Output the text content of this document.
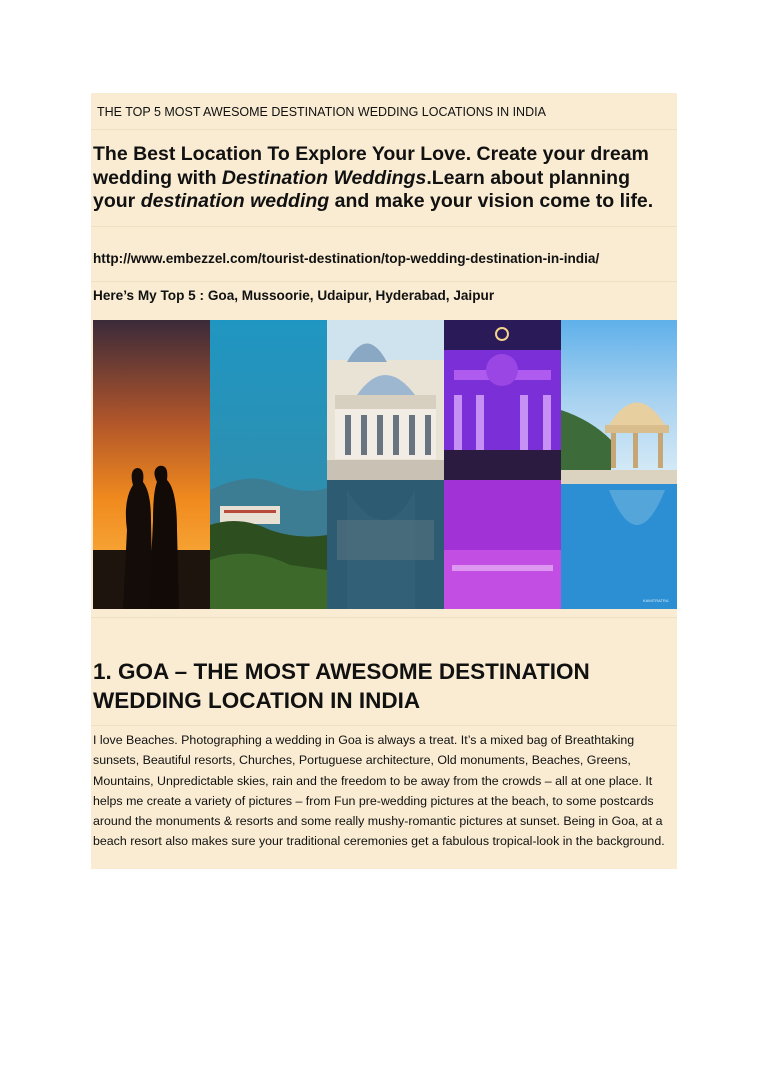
THE TOP 5 MOST AWESOME DESTINATION WEDDING LOCATIONS IN INDIA
The Best Location To Explore Your Love. Create your dream wedding with Destination Weddings.Learn about planning your destination wedding and make your vision come to life.
http://www.embezzel.com/tourist-destination/top-wedding-destination-in-india/
Here’s My Top 5 : Goa, Mussoorie, Udaipur, Hyderabad, Jaipur
KAMITRATRA
1. GOA – THE MOST AWESOME DESTINATION WEDDING LOCATION IN INDIA
I love Beaches. Photographing a wedding in Goa is always a treat. It’s a mixed bag of Breathtaking sunsets, Beautiful resorts, Churches, Portuguese architecture, Old monuments, Beaches, Greens, Mountains, Unpredictable skies, rain and the freedom to be away from the crowds – all at one place. It helps me create a variety of pictures – from Fun pre-wedding pictures at the beach, to some postcards around the monuments & resorts and some really mushy-romantic pictures at sunset. Being in Goa, at a beach resort also makes sure your traditional ceremonies get a fabulous tropical-look in the background.
